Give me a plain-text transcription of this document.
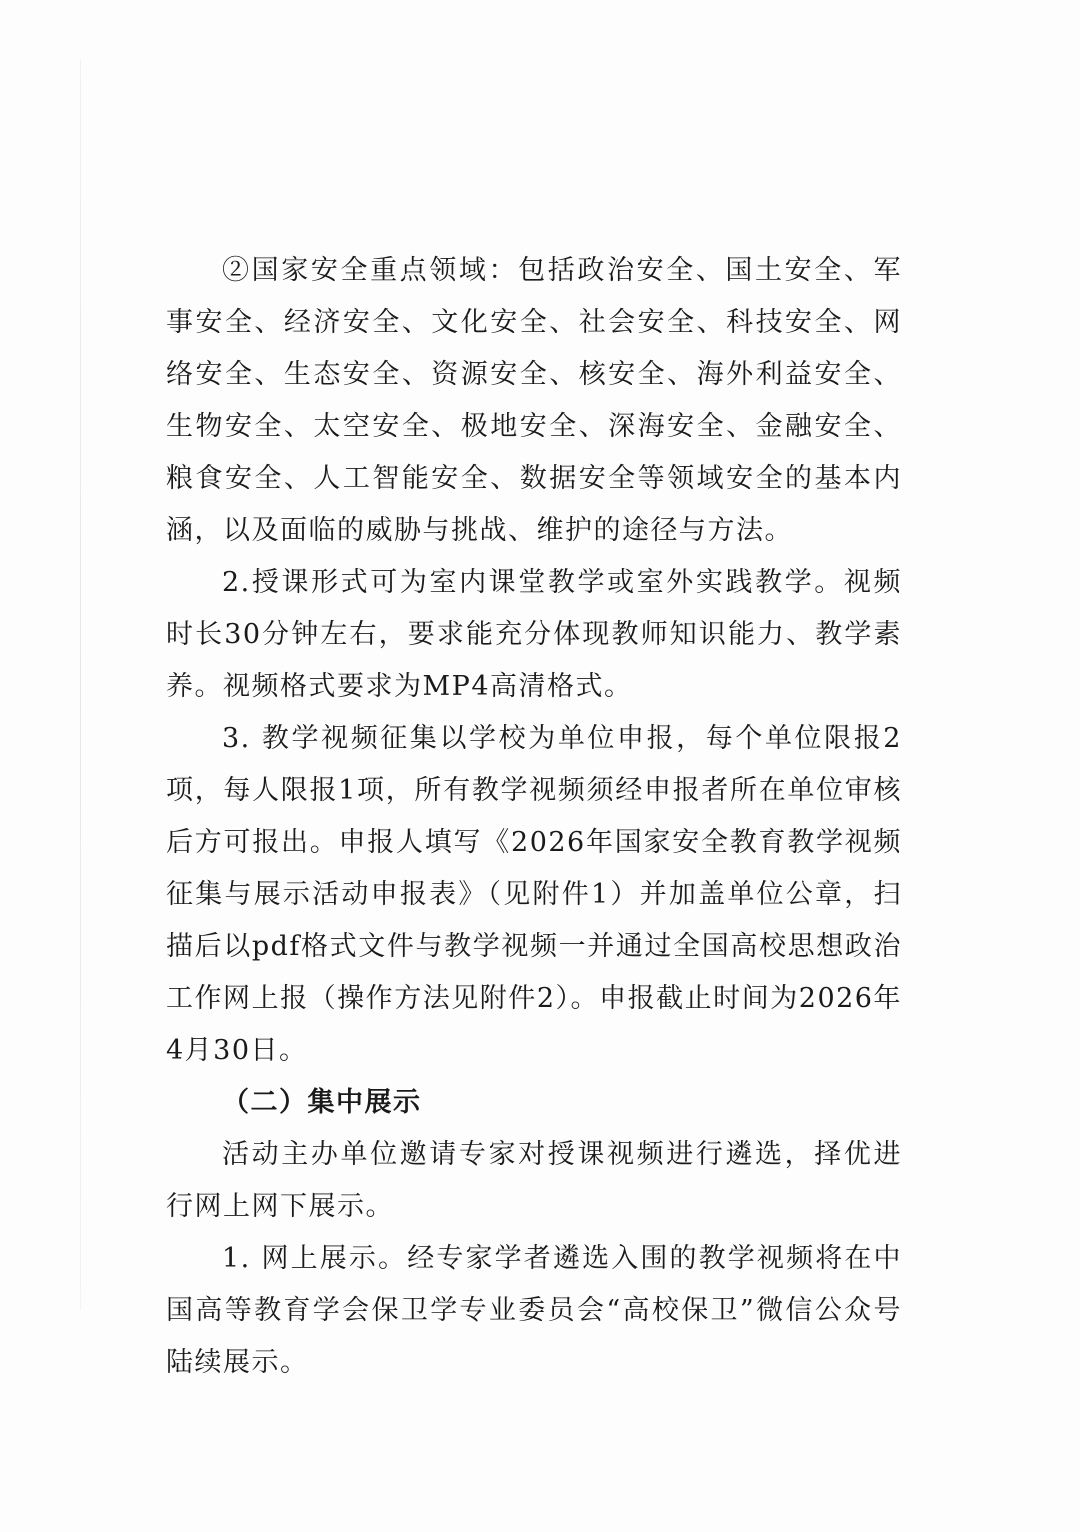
②国家安全重点领域：包括政治安全、国土安全、军事安全、经济安全、文化安全、社会安全、科技安全、网络安全、生态安全、资源安全、核安全、海外利益安全、生物安全、太空安全、极地安全、深海安全、金融安全、粮食安全、人工智能安全、数据安全等领域安全的基本内涵，以及面临的威胁与挑战、维护的途径与方法。

2.授课形式可为室内课堂教学或室外实践教学。视频时长30分钟左右，要求能充分体现教师知识能力、教学素养。视频格式要求为MP4高清格式。

3. 教学视频征集以学校为单位申报，每个单位限报2项，每人限报1项，所有教学视频须经申报者所在单位审核后方可报出。申报人填写《2026年国家安全教育教学视频征集与展示活动申报表》（见附件1）并加盖单位公章，扫描后以pdf格式文件与教学视频一并通过全国高校思想政治工作网上报（操作方法见附件2）。申报截止时间为2026年4月30日。

（二）集中展示

活动主办单位邀请专家对授课视频进行遴选，择优进行网上网下展示。

1. 网上展示。经专家学者遴选入围的教学视频将在中国高等教育学会保卫学专业委员会“高校保卫”微信公众号陆续展示。
